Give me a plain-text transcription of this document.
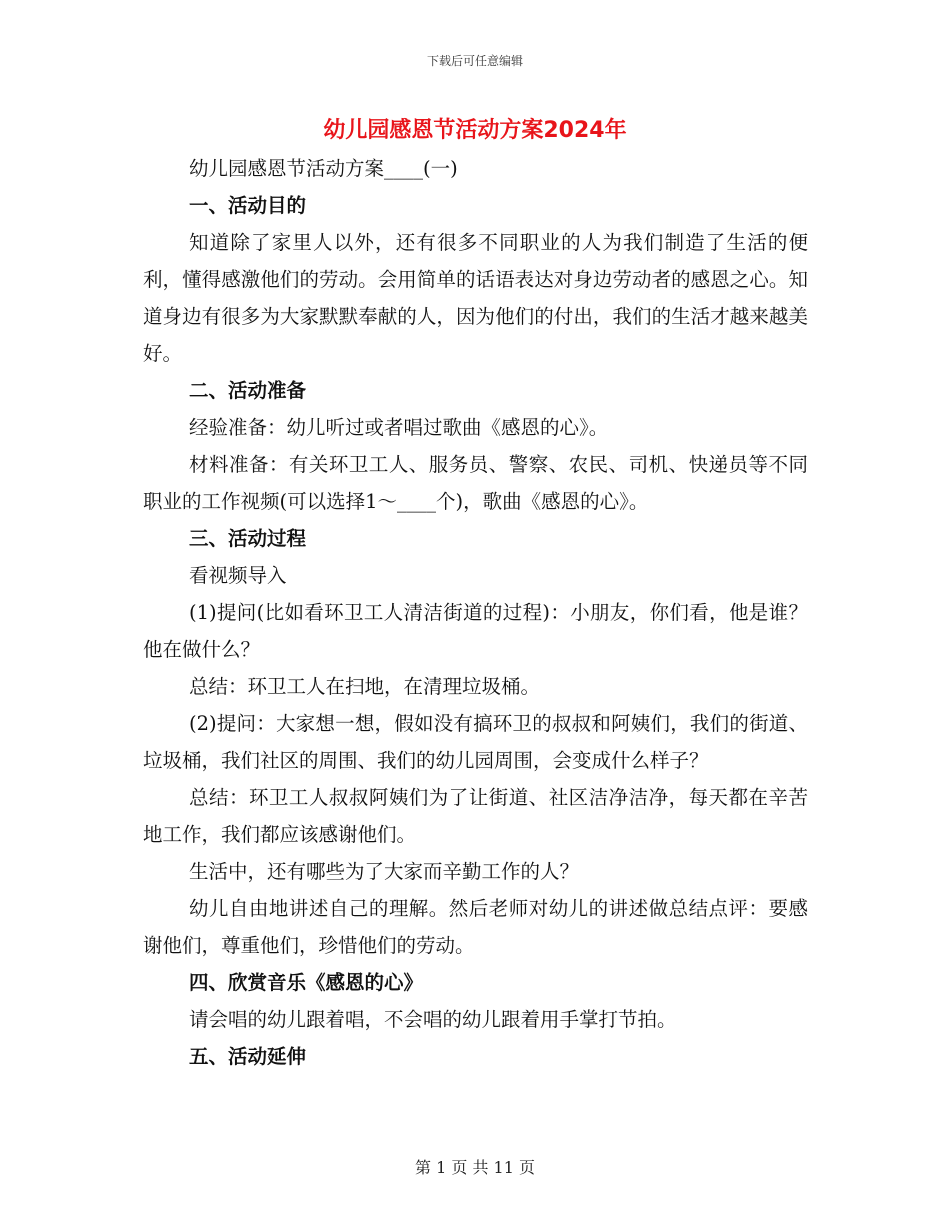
下载后可任意编辑
幼儿园感恩节活动方案2024年

幼儿园感恩节活动方案____(一)

一、活动目的

知道除了家里人以外，还有很多不同职业的人为我们制造了生活的便利，懂得感激他们的劳动。会用简单的话语表达对身边劳动者的感恩之心。知道身边有很多为大家默默奉献的人，因为他们的付出，我们的生活才越来越美好。

二、活动准备

经验准备：幼儿听过或者唱过歌曲《感恩的心》。

材料准备：有关环卫工人、服务员、警察、农民、司机、快递员等不同职业的工作视频(可以选择1～____个)，歌曲《感恩的心》。

三、活动过程

看视频导入

(1)提问(比如看环卫工人清洁街道的过程)：小朋友，你们看，他是谁？他在做什么？

总结：环卫工人在扫地，在清理垃圾桶。

(2)提问：大家想一想，假如没有搞环卫的叔叔和阿姨们，我们的街道、垃圾桶，我们社区的周围、我们的幼儿园周围，会变成什么样子？

总结：环卫工人叔叔阿姨们为了让街道、社区洁净洁净，每天都在辛苦地工作，我们都应该感谢他们。

生活中，还有哪些为了大家而辛勤工作的人？

幼儿自由地讲述自己的理解。然后老师对幼儿的讲述做总结点评：要感谢他们，尊重他们，珍惜他们的劳动。

四、欣赏音乐《感恩的心》

请会唱的幼儿跟着唱，不会唱的幼儿跟着用手掌打节拍。

五、活动延伸

第 1 页 共 11 页
